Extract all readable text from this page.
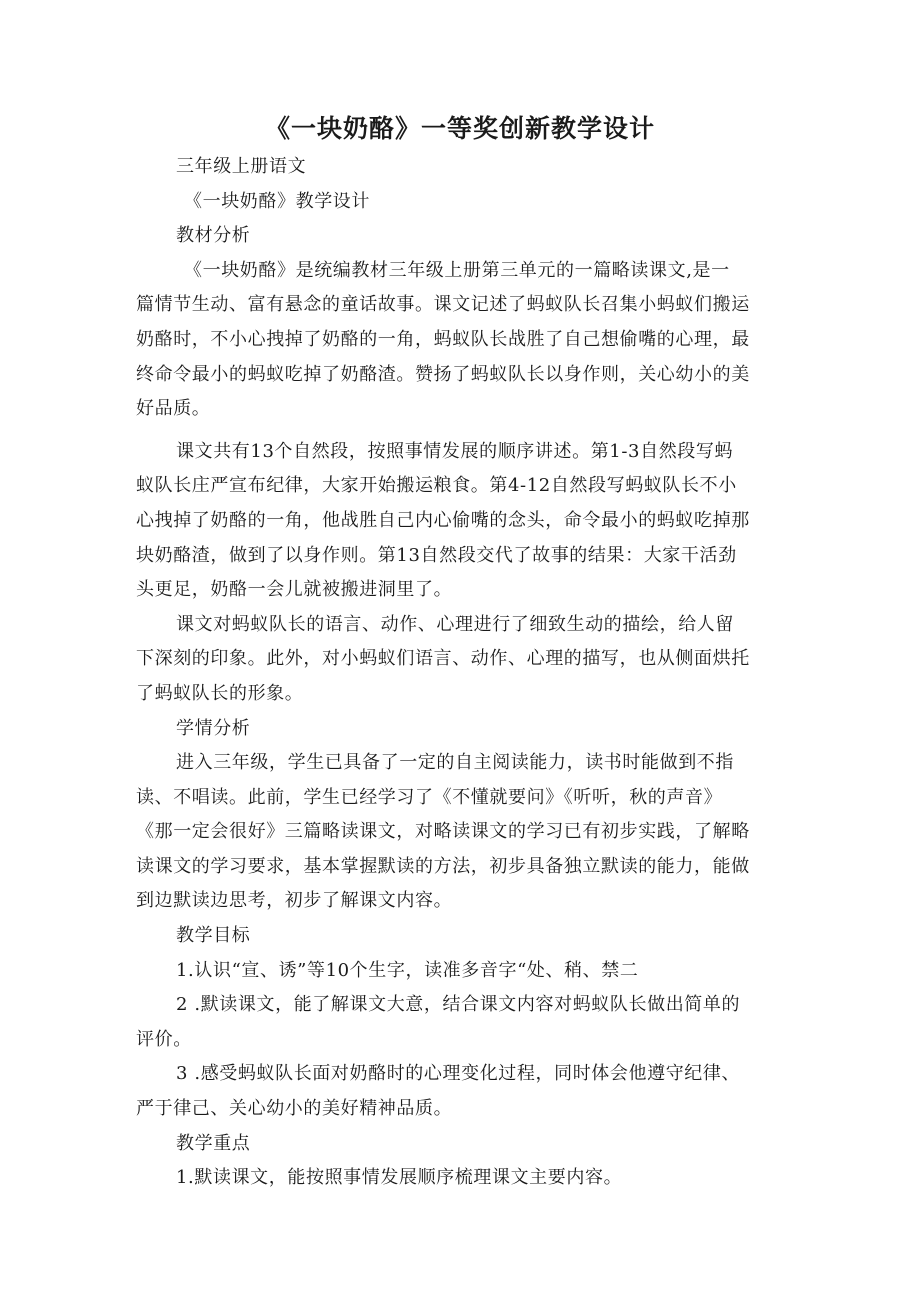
《一块奶酪》一等奖创新教学设计
三年级上册语文
《一块奶酪》教学设计
教材分析
《一块奶酪》是统编教材三年级上册第三单元的一篇略读课文,是一
篇情节生动、富有悬念的童话故事。课文记述了蚂蚁队长召集小蚂蚁们搬运
奶酪时，不小心拽掉了奶酪的一角，蚂蚁队长战胜了自己想偷嘴的心理，最
终命令最小的蚂蚁吃掉了奶酪渣。赞扬了蚂蚁队长以身作则，关心幼小的美
好品质。
课文共有13个自然段，按照事情发展的顺序讲述。第1-3自然段写蚂
蚁队长庄严宣布纪律，大家开始搬运粮食。第4-12自然段写蚂蚁队长不小
心拽掉了奶酪的一角，他战胜自己内心偷嘴的念头，命令最小的蚂蚁吃掉那
块奶酪渣，做到了以身作则。第13自然段交代了故事的结果：大家干活劲
头更足，奶酪一会儿就被搬进洞里了。
课文对蚂蚁队长的语言、动作、心理进行了细致生动的描绘，给人留
下深刻的印象。此外，对小蚂蚁们语言、动作、心理的描写，也从侧面烘托
了蚂蚁队长的形象。
学情分析
进入三年级，学生已具备了一定的自主阅读能力，读书时能做到不指
读、不唱读。此前，学生已经学习了《不懂就要问》《听听，秋的声音》
《那一定会很好》三篇略读课文，对略读课文的学习已有初步实践，了解略
读课文的学习要求，基本掌握默读的方法，初步具备独立默读的能力，能做
到边默读边思考，初步了解课文内容。
教学目标
1.认识“宣、诱”等10个生字，读准多音字“处、稍、禁二
2 .默读课文，能了解课文大意，结合课文内容对蚂蚁队长做出简单的
评价。
3 .感受蚂蚁队长面对奶酪时的心理变化过程，同时体会他遵守纪律、
严于律己、关心幼小的美好精神品质。
教学重点
1.默读课文，能按照事情发展顺序梳理课文主要内容。
